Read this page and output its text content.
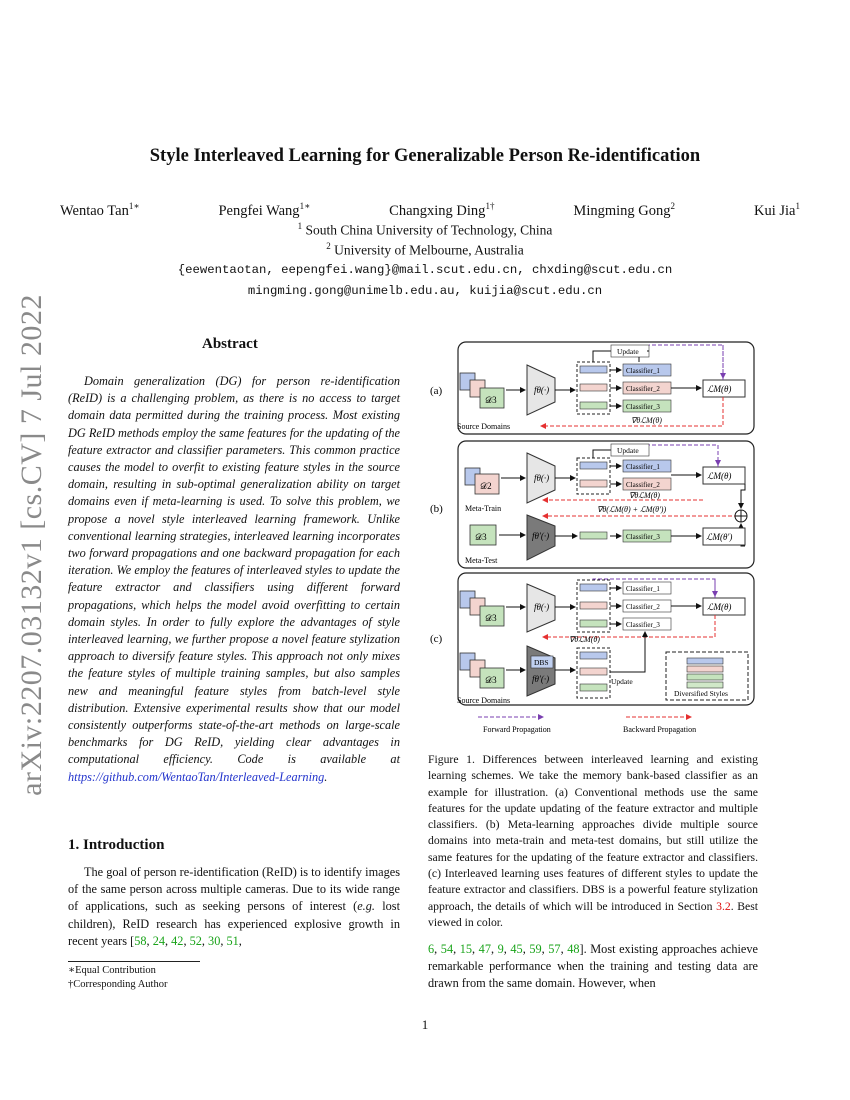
arXiv:2207.03132v1 [cs.CV] 7 Jul 2022
Style Interleaved Learning for Generalizable Person Re-identification
Wentao Tan$^{1∗}$	Pengfei Wang$^{1∗}$	Changxing Ding$^{1\dagger}$	Mingming Gong$^2$	Kui Jia$^1$
$^1$ South China University of Technology, China
$^2$ University of Melbourne, Australia
{eewentaotan, eepengfei.wang}@mail.scut.edu.cn, chxding@scut.edu.cn
mingming.gong@unimelb.edu.au, kuijia@scut.edu.cn
Abstract

Domain generalization (DG) for person re-identification (ReID) is a challenging problem, as there is no access to target domain data permitted during the training process. Most existing DG ReID methods employ the same features for the updating of the feature extractor and classifier parameters. This common practice causes the model to overfit to existing feature styles in the source domain, resulting in sub-optimal generalization ability on target domains even if meta-learning is used. To solve this problem, we propose a novel style interleaved learning framework. Unlike conventional learning strategies, interleaved learning incorporates two forward propagations and one backward propagation for each iteration. We employ the features of interleaved styles to update the feature extractor and classifiers using different forward propagations, which helps the model avoid overfitting to certain domain styles. In order to fully explore the advantages of style interleaved learning, we further propose a novel feature stylization approach to diversify feature styles. This approach not only mixes the feature styles of multiple training samples, but also samples new and meaningful feature styles from batch-level style distribution. Extensive experimental results show that our model consistently outperforms state-of-the-art methods on large-scale benchmarks for DG ReID, yielding clear advantages in computational efficiency. Code is available at https://github.com/WentaoTan/Interleaved-Learning.

1. Introduction

The goal of person re-identification (ReID) is to identify images of the same person across multiple cameras. Due to its wide range of applications, such as seeking persons of interest (e.g. lost children), ReID research has experienced explosive growth in recent years [58, 24, 42, 52, 30, 51,

∗Equal Contribution
†Corresponding Author
(a)
𝒟3
Source Domains
fθ(·)
Classifier_1
Classifier_2
Classifier_3
ℒM(θ)
Update
∇θℒM(θ)
(b)
𝒟2
Meta-Train
𝒟3
Meta-Test
fθ(·)
Classifier_1
Classifier_2
ℒM(θ)
Update
∇θℒM(θ)
∇θ(ℒM(θ) + ℒM(θ′))
fθ′(·)	Classifier_3	ℒM(θ′)
(c)
𝒟3
fθ(·)
Classifier_1
Classifier_2
Classifier_3
ℒM(θ)
∇θℒM(θ)
𝒟3
Source Domains
DBS
fθ′(·)	Update
Diversified Styles
Forward Propagation	Backward Propagation

Figure 1. Differences between interleaved learning and existing learning schemes. We take the memory bank-based classifier as an example for illustration. (a) Conventional methods use the same features for the update updating of the feature extractor and multiple classifiers. (b) Meta-learning approaches divide multiple source domains into meta-train and meta-test domains, but still utilize the same features for the updating of the feature extractor and classifiers. (c) Interleaved learning uses features of different styles to update the feature extractor and classifiers. DBS is a powerful feature stylization approach, the details of which will be introduced in Section 3.2. Best viewed in color.

6, 54, 15, 47, 9, 45, 59, 57, 48]. Most existing approaches achieve remarkable performance when the training and testing data are drawn from the same domain. However, when

1
